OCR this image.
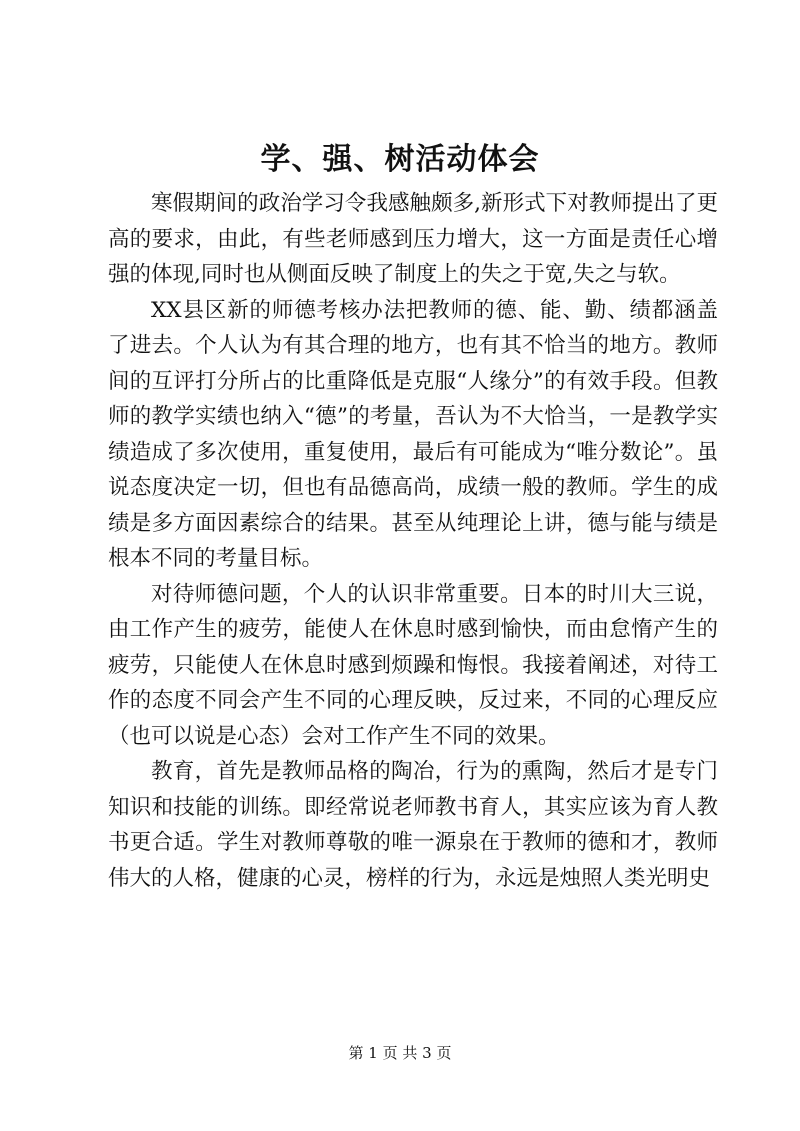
学、强、树活动体会

寒假期间的政治学习令我感触颇多,新形式下对教师提出了更高的要求，由此，有些老师感到压力增大，这一方面是责任心增强的体现,同时也从侧面反映了制度上的失之于宽,失之与软。

XX县区新的师德考核办法把教师的德、能、勤、绩都涵盖了进去。个人认为有其合理的地方，也有其不恰当的地方。教师间的互评打分所占的比重降低是克服“人缘分”的有效手段。但教师的教学实绩也纳入“德”的考量，吾认为不大恰当，一是教学实绩造成了多次使用，重复使用，最后有可能成为“唯分数论”。虽说态度决定一切，但也有品德高尚，成绩一般的教师。学生的成绩是多方面因素综合的结果。甚至从纯理论上讲，德与能与绩是根本不同的考量目标。

对待师德问题，个人的认识非常重要。日本的时川大三说，由工作产生的疲劳，能使人在休息时感到愉快，而由怠惰产生的疲劳，只能使人在休息时感到烦躁和悔恨。我接着阐述，对待工作的态度不同会产生不同的心理反映，反过来，不同的心理反应（也可以说是心态）会对工作产生不同的效果。

教育，首先是教师品格的陶冶，行为的熏陶，然后才是专门知识和技能的训练。即经常说老师教书育人，其实应该为育人教书更合适。学生对教师尊敬的唯一源泉在于教师的德和才，教师伟大的人格，健康的心灵，榜样的行为，永远是烛照人类光明史

第 1 页 共 3 页
